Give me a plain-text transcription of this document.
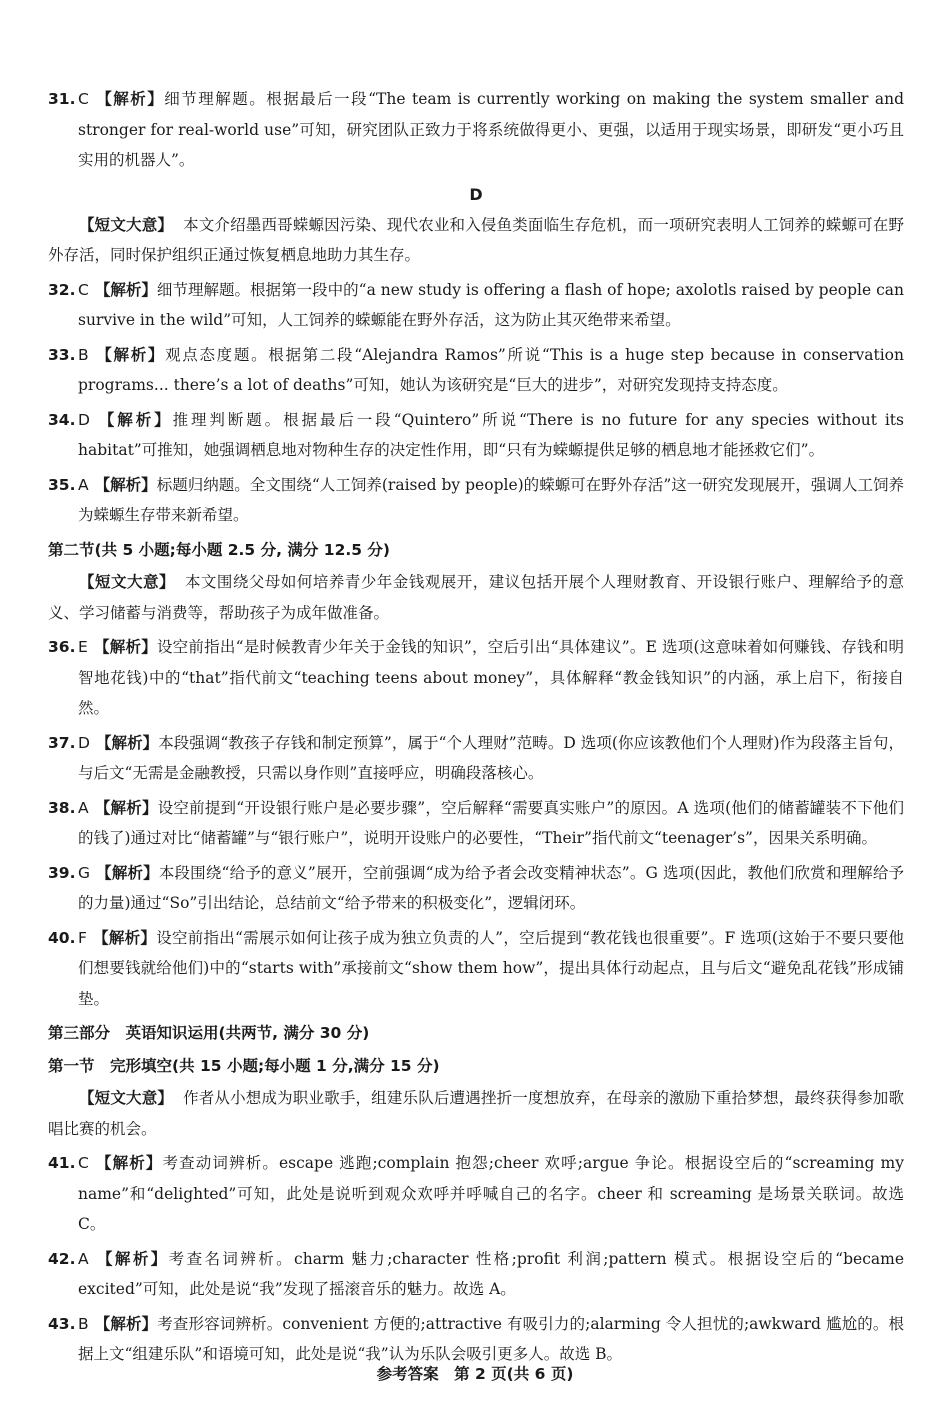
31. C 【解析】细节理解题。根据最后一段“The team is currently working on making the system smaller and stronger for real-world use”可知，研究团队正致力于将系统做得更小、更强，以适用于现实场景，即研发“更小巧且实用的机器人”。
D

【短文大意】 本文介绍墨西哥蝾螈因污染、现代农业和入侵鱼类面临生存危机，而一项研究表明人工饲养的蝾螈可在野外存活，同时保护组织正通过恢复栖息地助力其生存。

32. C 【解析】细节理解题。根据第一段中的“a new study is offering a flash of hope; axolotls raised by people can survive in the wild”可知，人工饲养的蝾螈能在野外存活，这为防止其灭绝带来希望。
33. B 【解析】观点态度题。根据第二段“Alejandra Ramos”所说“This is a huge step because in conservation programs... there’s a lot of deaths”可知，她认为该研究是“巨大的进步”，对研究发现持支持态度。
34. D 【解析】推理判断题。根据最后一段“Quintero”所说“There is no future for any species without its habitat”可推知，她强调栖息地对物种生存的决定性作用，即“只有为蝾螈提供足够的栖息地才能拯救它们”。
35. A 【解析】标题归纳题。全文围绕“人工饲养(raised by people)的蝾螈可在野外存活”这一研究发现展开，强调人工饲养为蝾螈生存带来新希望。
第二节(共 5 小题;每小题 2.5 分, 满分 12.5 分)

【短文大意】 本文围绕父母如何培养青少年金钱观展开，建议包括开展个人理财教育、开设银行账户、理解给予的意义、学习储蓄与消费等，帮助孩子为成年做准备。

36. E 【解析】设空前指出“是时候教青少年关于金钱的知识”，空后引出“具体建议”。E 选项(这意味着如何赚钱、存钱和明智地花钱)中的“that”指代前文“teaching teens about money”，具体解释“教金钱知识”的内涵，承上启下，衔接自然。
37. D 【解析】本段强调“教孩子存钱和制定预算”，属于“个人理财”范畴。D 选项(你应该教他们个人理财)作为段落主旨句，与后文“无需是金融教授，只需以身作则”直接呼应，明确段落核心。
38. A 【解析】设空前提到“开设银行账户是必要步骤”，空后解释“需要真实账户”的原因。A 选项(他们的储蓄罐装不下他们的钱了)通过对比“储蓄罐”与“银行账户”，说明开设账户的必要性，“Their”指代前文“teenager’s”，因果关系明确。
39. G 【解析】本段围绕“给予的意义”展开，空前强调“成为给予者会改变精神状态”。G 选项(因此，教他们欣赏和理解给予的力量)通过“So”引出结论，总结前文“给予带来的积极变化”，逻辑闭环。
40. F 【解析】设空前指出“需展示如何让孩子成为独立负责的人”，空后提到“教花钱也很重要”。F 选项(这始于不要只要他们想要钱就给他们)中的“starts with”承接前文“show them how”，提出具体行动起点，且与后文“避免乱花钱”形成铺垫。
第三部分　英语知识运用(共两节, 满分 30 分)
第一节　完形填空(共 15 小题;每小题 1 分,满分 15 分)

【短文大意】 作者从小想成为职业歌手，组建乐队后遭遇挫折一度想放弃，在母亲的激励下重拾梦想，最终获得参加歌唱比赛的机会。

41. C 【解析】考查动词辨析。escape 逃跑;complain 抱怨;cheer 欢呼;argue 争论。根据设空后的“screaming my name”和“delighted”可知，此处是说听到观众欢呼并呼喊自己的名字。cheer 和 screaming 是场景关联词。故选 C。
42. A 【解析】考查名词辨析。charm 魅力;character 性格;profit 利润;pattern 模式。根据设空后的“became excited”可知，此处是说“我”发现了摇滚音乐的魅力。故选 A。
43. B 【解析】考查形容词辨析。convenient 方便的;attractive 有吸引力的;alarming 令人担忧的;awkward 尴尬的。根据上文“组建乐队”和语境可知，此处是说“我”认为乐队会吸引更多人。故选 B。
参考答案　第 2 页(共 6 页)
